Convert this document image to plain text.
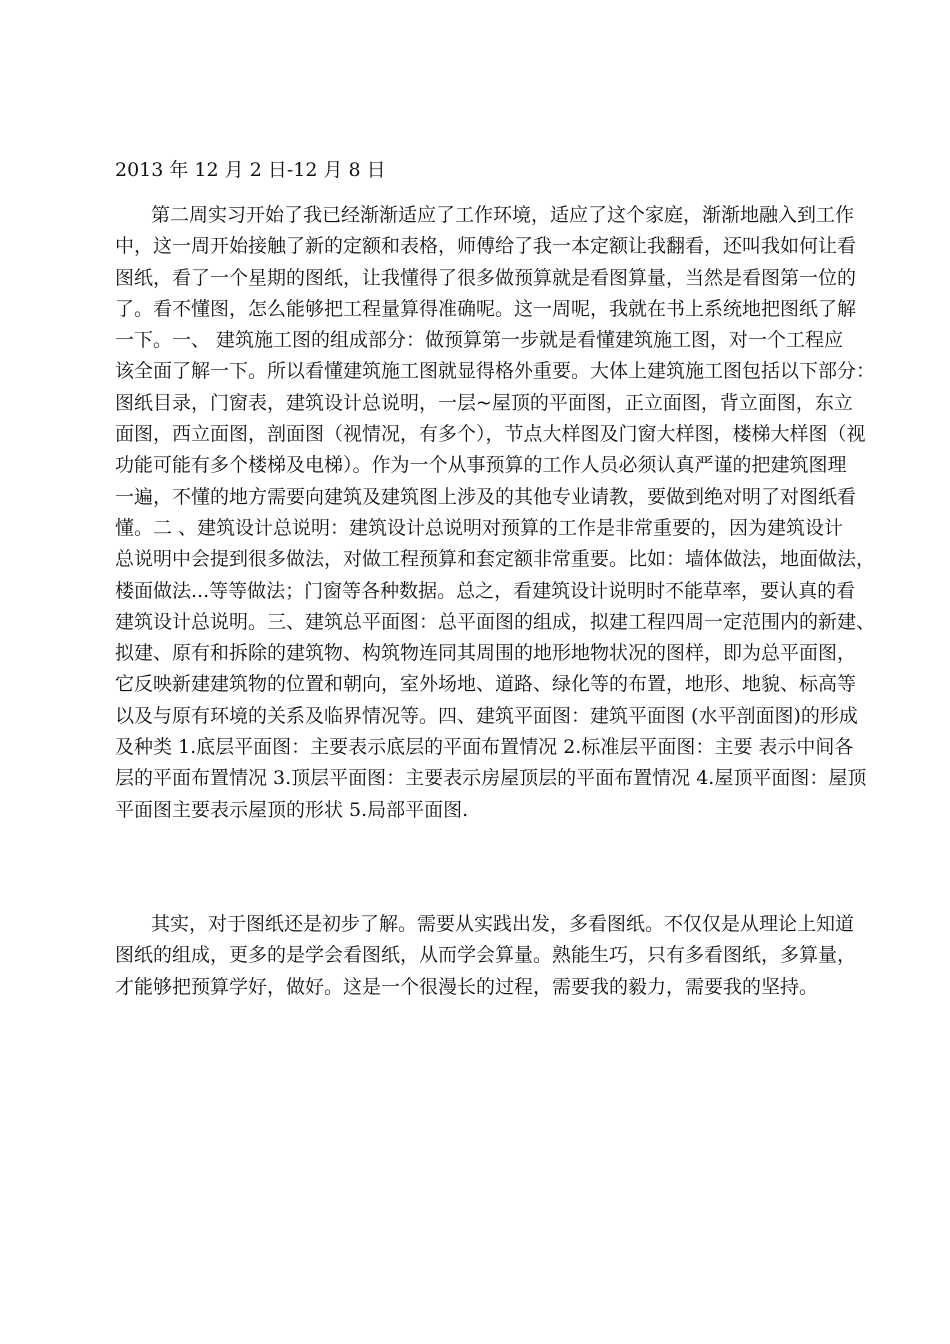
2013 年 12 月 2 日-12 月 8 日
第二周实习开始了我已经渐渐适应了工作环境，适应了这个家庭，渐渐地融入到工作
中，这一周开始接触了新的定额和表格，师傅给了我一本定额让我翻看，还叫我如何让看
图纸，看了一个星期的图纸，让我懂得了很多做预算就是看图算量，当然是看图第一位的
了。看不懂图，怎么能够把工程量算得准确呢。这一周呢，我就在书上系统地把图纸了解
一下。一、 建筑施工图的组成部分：做预算第一步就是看懂建筑施工图，对一个工程应
该全面了解一下。所以看懂建筑施工图就显得格外重要。大体上建筑施工图包括以下部分：
图纸目录，门窗表，建筑设计总说明，一层~屋顶的平面图，正立面图，背立面图，东立
面图，西立面图，剖面图（视情况，有多个），节点大样图及门窗大样图，楼梯大样图（视
功能可能有多个楼梯及电梯）。作为一个从事预算的工作人员必须认真严谨的把建筑图理
一遍，不懂的地方需要向建筑及建筑图上涉及的其他专业请教，要做到绝对明了对图纸看
懂。二 、建筑设计总说明：建筑设计总说明对预算的工作是非常重要的，因为建筑设计
总说明中会提到很多做法，对做工程预算和套定额非常重要。比如：墙体做法，地面做法，
楼面做法...等等做法；门窗等各种数据。总之，看建筑设计说明时不能草率，要认真的看
建筑设计总说明。三、建筑总平面图：总平面图的组成，拟建工程四周一定范围内的新建、
拟建、原有和拆除的建筑物、构筑物连同其周围的地形地物状况的图样，即为总平面图，
它反映新建建筑物的位置和朝向，室外场地、道路、绿化等的布置，地形、地貌、标高等
以及与原有环境的关系及临界情况等。四、建筑平面图：建筑平面图 (水平剖面图)的形成
及种类 1.底层平面图：主要表示底层的平面布置情况 2.标准层平面图：主要 表示中间各
层的平面布置情况 3.顶层平面图：主要表示房屋顶层的平面布置情况 4.屋顶平面图：屋顶
平面图主要表示屋顶的形状 5.局部平面图.
其实，对于图纸还是初步了解。需要从实践出发，多看图纸。不仅仅是从理论上知道
图纸的组成，更多的是学会看图纸，从而学会算量。熟能生巧，只有多看图纸，多算量，
才能够把预算学好，做好。这是一个很漫长的过程，需要我的毅力，需要我的坚持。
